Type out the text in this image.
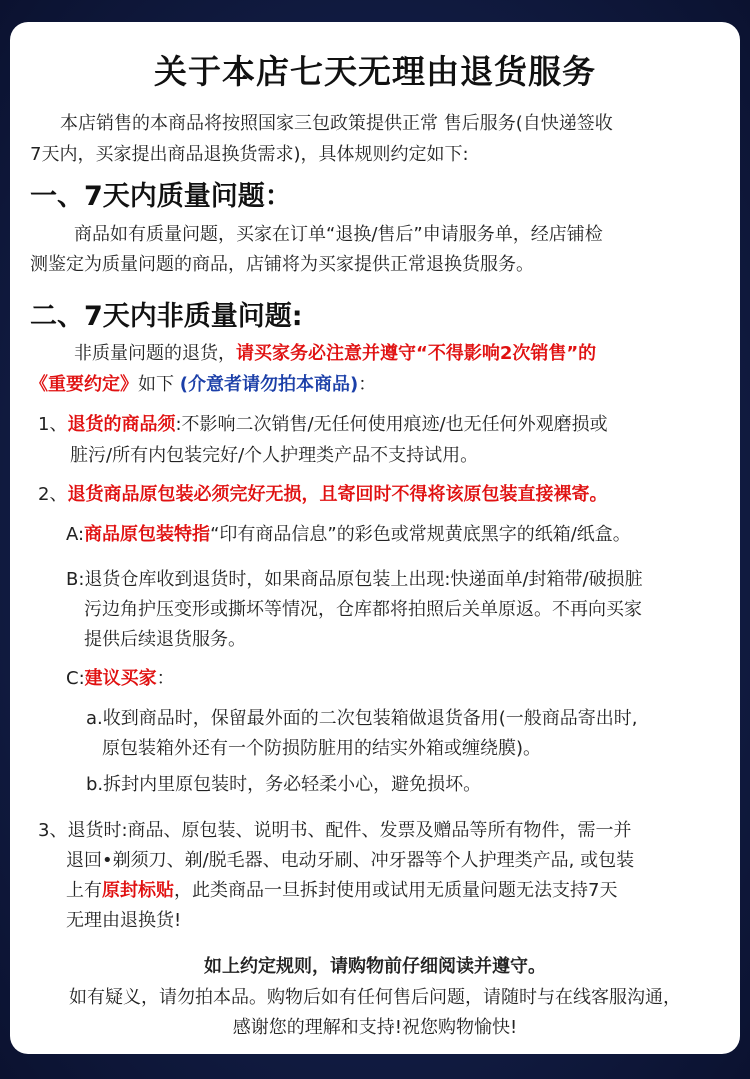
关于本店七天无理由退货服务
本店销售的本商品将按照国家三包政策提供正常 售后服务(自快递签收
7天内，买家提出商品退换货需求)，具体规则约定如下:
一、7天内质量问题：
商品如有质量问题，买家在订单“退换/售后”申请服务单，经店铺检
测鉴定为质量问题的商品，店铺将为买家提供正常退换货服务。
二、7天内非质量问题:
非质量问题的退货，请买家务必注意并遵守“不得影响2次销售”的
《重要约定》如下 (介意者请勿拍本商品)：
1、退货的商品须:不影响二次销售/无任何使用痕迹/也无任何外观磨损或
脏污/所有内包装完好/个人护理类产品不支持试用。
2、退货商品原包装必须完好无损，且寄回时不得将该原包装直接裸寄。
A:商品原包装特指“印有商品信息”的彩色或常规黄底黑字的纸箱/纸盒。
B:退货仓库收到退货时，如果商品原包装上出现:快递面单/封箱带/破损脏
污边角护压变形或撕坏等情况，仓库都将拍照后关单原返。不再向买家
提供后续退货服务。
C:建议买家：
a.收到商品时，保留最外面的二次包装箱做退货备用(一般商品寄出时,
原包装箱外还有一个防损防脏用的结实外箱或缠绕膜)。
b.拆封内里原包装时，务必轻柔小心，避免损坏。
3、退货时:商品、原包装、说明书、配件、发票及赠品等所有物件，需一并
退回•剃须刀、剃/脱毛器、电动牙刷、冲牙器等个人护理类产品, 或包装
上有原封标贴，此类商品一旦拆封使用或试用无质量问题无法支持7天
无理由退换货!
如上约定规则，请购物前仔细阅读并遵守。
如有疑义，请勿拍本品。购物后如有任何售后问题，请随时与在线客服沟通，
感谢您的理解和支持!祝您购物愉快!
